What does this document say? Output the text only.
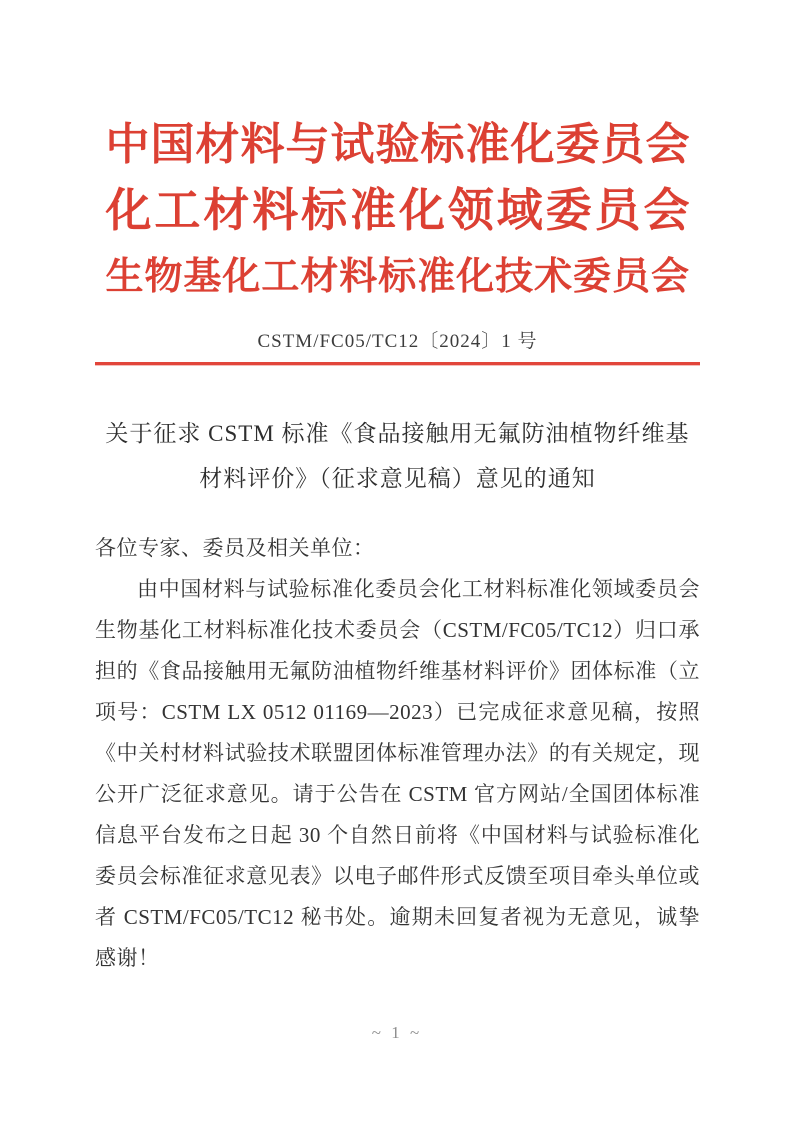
中国材料与试验标准化委员会
化工材料标准化领域委员会
生物基化工材料标准化技术委员会
CSTM/FC05/TC12〔2024〕1 号
关于征求 CSTM 标准《食品接触用无氟防油植物纤维基
材料评价》（征求意见稿）意见的通知

各位专家、委员及相关单位：

由中国材料与试验标准化委员会化工材料标准化领域委员会生物基化工材料标准化技术委员会（CSTM/FC05/TC12）归口承担的《食品接触用无氟防油植物纤维基材料评价》团体标准（立项号：CSTM LX 0512 01169—2023）已完成征求意见稿，按照《中关村材料试验技术联盟团体标准管理办法》的有关规定，现公开广泛征求意见。请于公告在 CSTM 官方网站/全国团体标准信息平台发布之日起 30 个自然日前将《中国材料与试验标准化委员会标准征求意见表》以电子邮件形式反馈至项目牵头单位或者 CSTM/FC05/TC12 秘书处。逾期未回复者视为无意见，诚挚感谢！

~ 1 ~
